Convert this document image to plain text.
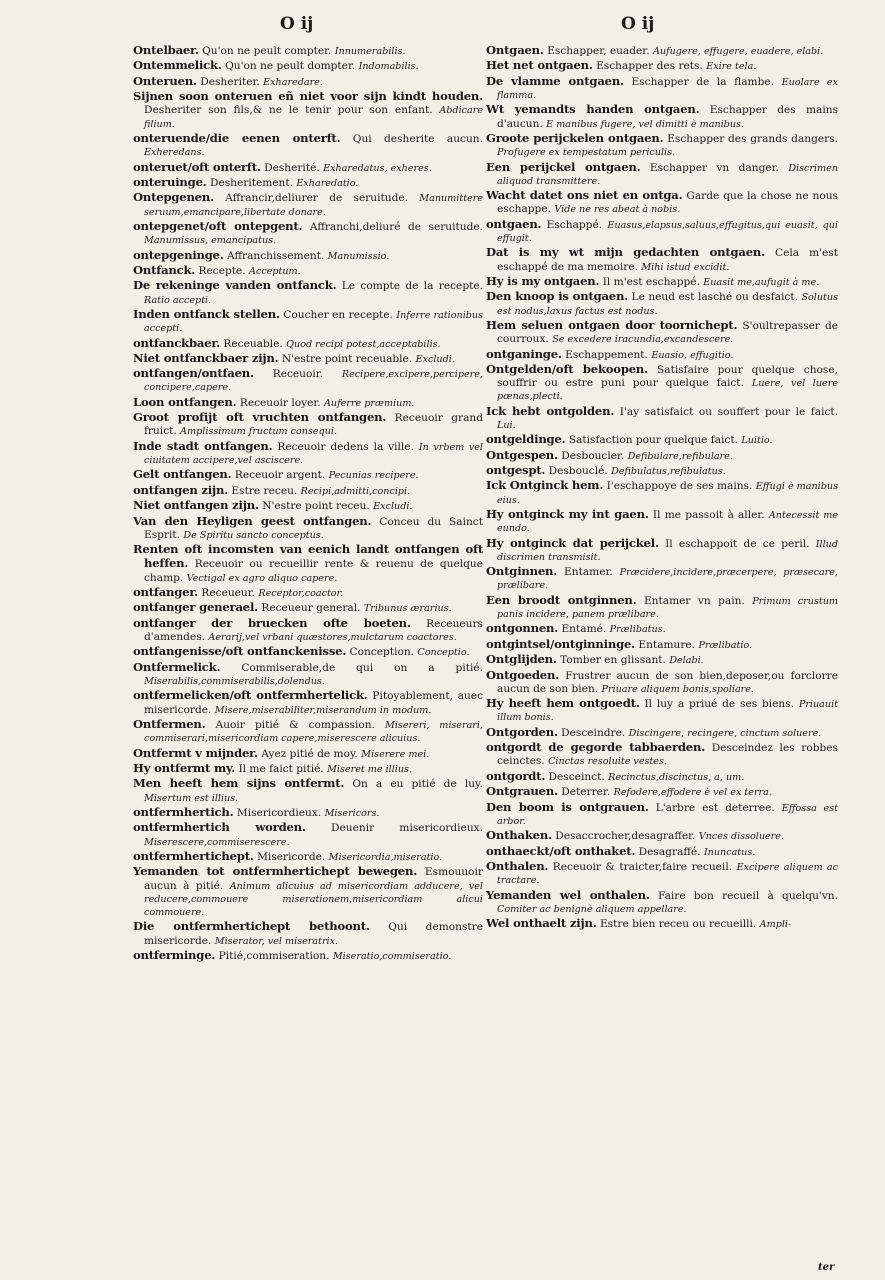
O ij	O ij

Ontelbaer. Qu'on ne peult compter. Innumerabilis.

Ontemmelick. Qu'on ne peult dompter. Indomabilis.

Onteruen. Desheriter. Exharedare.

Sijnen soon onteruen eñ niet voor sijn kindt houden. Desheriter son fils,& ne le tenir pour son enfant. Abdicare filium.

onteruende/die eenen onterft. Qui desherite aucun. Exheredans.

onteruet/oft onterft. Desherité. Exharedatus, exheres.

onteruinge. Desheritement. Exharedatio.

Ontepgenen. Affrancir,deliurer de seruitude. Manumittere seruum,emancipare,libertate donare.

ontepgenet/oft ontepgent. Affranchi,deliuré de seruitude. Manumissus, emancipatus.

ontepgeninge. Affranchissement. Manumissio.

Ontfanck. Recepte. Acceptum.

De rekeninge vanden ontfanck. Le compte de la recepte. Ratio accepti.

Inden ontfanck stellen. Coucher en recepte. Inferre rationibus accepti.

ontfanckbaer. Receuable. Quod recipi potest,acceptabilis.

Niet ontfanckbaer zijn. N'estre point receuable. Excludi.

ontfangen/ontfaen. Receuoir. Recipere,excipere,percipere, concipere,capere.

Loon ontfangen. Receuoir loyer. Auferre præmium.

Groot profijt oft vruchten ontfangen. Receuoir grand fruict. Amplissimum fructum consequi.

Inde stadt ontfangen. Receuoir dedens la ville. In vrbem vel ciuitatem accipere,vel asciscere.

Gelt ontfangen. Receuoir argent. Pecunias recipere.

ontfangen zijn. Estre receu. Recipi,admitti,concipi.

Niet ontfangen zijn. N'estre point receu. Excludi.

Van den Heyligen geest ontfangen. Conceu du Sainct Esprit. De Spiritu sancto conceptus.

Renten oft incomsten van eenich landt ontfangen oft heffen. Receuoir ou recueillir rente & reuenu de quelque champ. Vectigal ex agro aliquo capere.

ontfanger. Receueur. Receptor,coactor.

ontfanger generael. Receueur general. Tribunus ærarius.

ontfanger der bruecken ofte boeten. Receueurs d'amendes. Aerarij,vel vrbani quæstores,mulctarum coactores.

ontfangenisse/oft ontfanckenisse. Conception. Conceptio.

Ontfermelick. Commiserable,de qui on a pitié. Miserabilis,commiserabilis,dolendus.

ontfermelicken/oft ontfermhertelick. Pitoyablement, auec misericorde. Misere,miserabiliter,miserandum in modum.

Ontfermen. Auoir pitié & compassion. Misereri, miserari, commiserari,misericordiam capere,miserescere alicuius.

Ontfermt v mijnder. Ayez pitié de moy. Miserere mei.

Hy ontfermt my. Il me faict pitié. Miseret me illius.

Men heeft hem sijns ontfermt. On a eu pitié de luy. Misertum est illius.

ontfermhertich. Misericordieux. Misericors.

ontfermhertich worden. Deuenir misericordieux. Miserescere,commiserescere.

ontfermhertichept. Misericorde. Misericordia,miseratio.

Yemanden tot ontfermhertichept bewegen. Esmouuoir aucun à pitié. Animum alicuius ad misericordiam adducere, vel reducere,commouere miserationem,misericordiam alicui commouere.

Die ontfermhertichept bethoont. Qui demonstre misericorde. Miserator, vel miseratrix.

ontferminge. Pitié,commiseration. Miseratio,commiseratio.

Ontgaen. Eschapper, euader. Aufugere, effugere, euadere, elabi.

Het net ontgaen. Eschapper des rets. Exire tela.

De vlamme ontgaen. Eschapper de la flambe. Euolare ex flamma.

Wt yemandts handen ontgaen. Eschapper des mains d'aucun. E manibus fugere, vel dimitti è manibus.

Groote perijckelen ontgaen. Eschapper des grands dangers. Profugere ex tempestatum periculis.

Een perijckel ontgaen. Eschapper vn danger. Discrimen aliquod transmittere.

Wacht datet ons niet en ontga. Garde que la chose ne nous eschappe. Vide ne res abeat à nobis.

ontgaen. Eschappé. Euasus,elapsus,saluus,effugitus,qui euasit, qui effugit.

Dat is my wt mijn gedachten ontgaen. Cela m'est eschappé de ma memoire. Mihi istud excidit.

Hy is my ontgaen. Il m'est eschappé. Euasit me,aufugit à me.

Den knoop is ontgaen. Le neud est lasché ou desfaict. Solutus est nodus,laxus factus est nodus.

Hem seluen ontgaen door toornichept. S'oultrepasser de courroux. Se excedere iracundia,excandescere.

ontganinge. Eschappement. Euasio, effugitio.

Ontgelden/oft bekoopen. Satisfaire pour quelque chose, souffrir ou estre puni pour quelque faict. Luere, vel luere pœnas,plecti.

Ick hebt ontgolden. I'ay satisfaict ou souffert pour le faict. Lui.

ontgeldinge. Satisfaction pour quelque faict. Luitio.

Ontgespen. Desboucler. Defibulare,refibulare.

ontgespt. Desbouclé. Defibulatus,refibulatus.

Ick Ontginck hem. I'eschappoye de ses mains. Effugi è manibus eius.

Hy ontginck my int gaen. Il me passoit à aller. Antecessit me eundo.

Hy ontginck dat perijckel. Il eschappoit de ce peril. Illud discrimen transmisit.

Ontginnen. Entamer. Præcidere,incidere,præcerpere, præsecare, prælibare.

Een broodt ontginnen. Entamer vn pain. Primum crustum panis incidere, panem prælibare.

ontgonnen. Entamé. Prælibatus.

ontgintsel/ontginninge. Entamure. Prælibatio.

Ontglijden. Tomber en glissant. Delabi.

Ontgoeden. Frustrer aucun de son bien,deposer,ou forclorre aucun de son bien. Priuare aliquem bonis,spoliare.

Hy heeft hem ontgoedt. Il luy a priué de ses biens. Priuauit illum bonis.

Ontgorden. Desceindre. Discingere, recingere, cinctum soluere.

ontgordt de gegorde tabbaerden. Desceindez les robbes ceinctes. Cinctas resoluite vestes.

ontgordt. Desceinct. Recinctus,discinctus, a, um.

Ontgrauen. Deterrer. Refodere,effodere è vel ex terra.

Den boom is ontgrauen. L'arbre est deterree. Effossa est arbor.

Onthaken. Desaccrocher,desagraffer. Vnces dissoluere.

onthaeckt/oft onthaket. Desagraffé. Inuncatus.

Onthalen. Receuoir & traicter,faire recueil. Excipere aliquem ac tractare.

Yemanden wel onthalen. Faire bon recueil à quelqu'vn. Comiter ac benignè aliquem appellare.

Wel onthaelt zijn. Estre bien receu ou recueilli. Ampli-

ter
